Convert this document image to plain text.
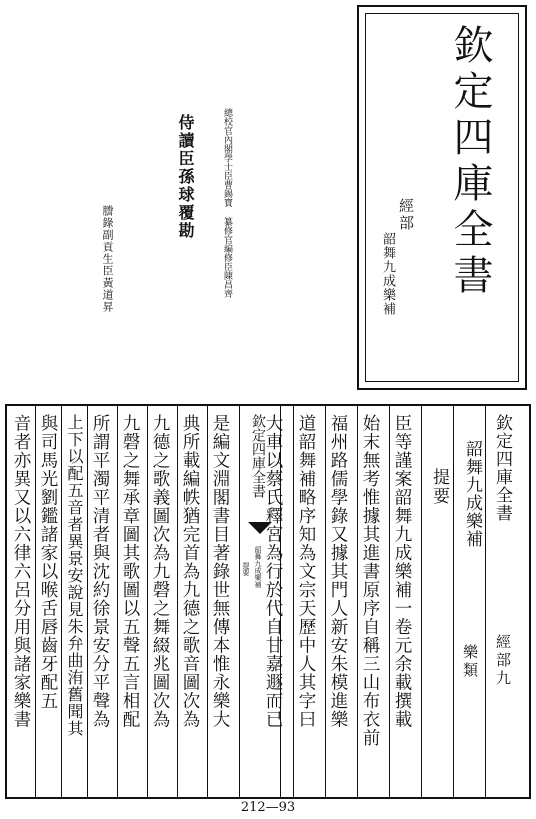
欽定四庫全書
經部
韶舞九成樂補
總校官內閣學士臣曹錫寶 纂修官編修臣陳昌齊
侍讀臣孫球覆勘
謄錄副貢生臣黃道昇
欽定四庫全書
經部九
韶舞九成樂補
樂類
提要
臣等謹案韶舞九成樂補一卷元余載撰載
始末無考惟據其進書原序自稱三山布衣前
福州路儒學錄又據其門人新安朱模進樂
道韶舞補略序知為文宗天歷中人其字曰
大車以蔡氏釋宮為行於代自甘嘉遯而已
欽定四庫全書
韶舞九成樂補
提要
是編文淵閣書目著錄世無傳本惟永樂大
典所載編帙猶完首為九德之歌音圖次為
九德之歌義圖次為九磬之舞綴兆圖次為
九磬之舞承章圖其歌圖以五聲五言相配
所謂平濁平清者與沈約徐景安分平聲為
上下以配五音者異景安說見朱弁曲洧舊聞其
與司馬光劉鑑諸家以喉舌唇齒牙配五
音者亦異又以六律六呂分用與諸家樂書
212—93
